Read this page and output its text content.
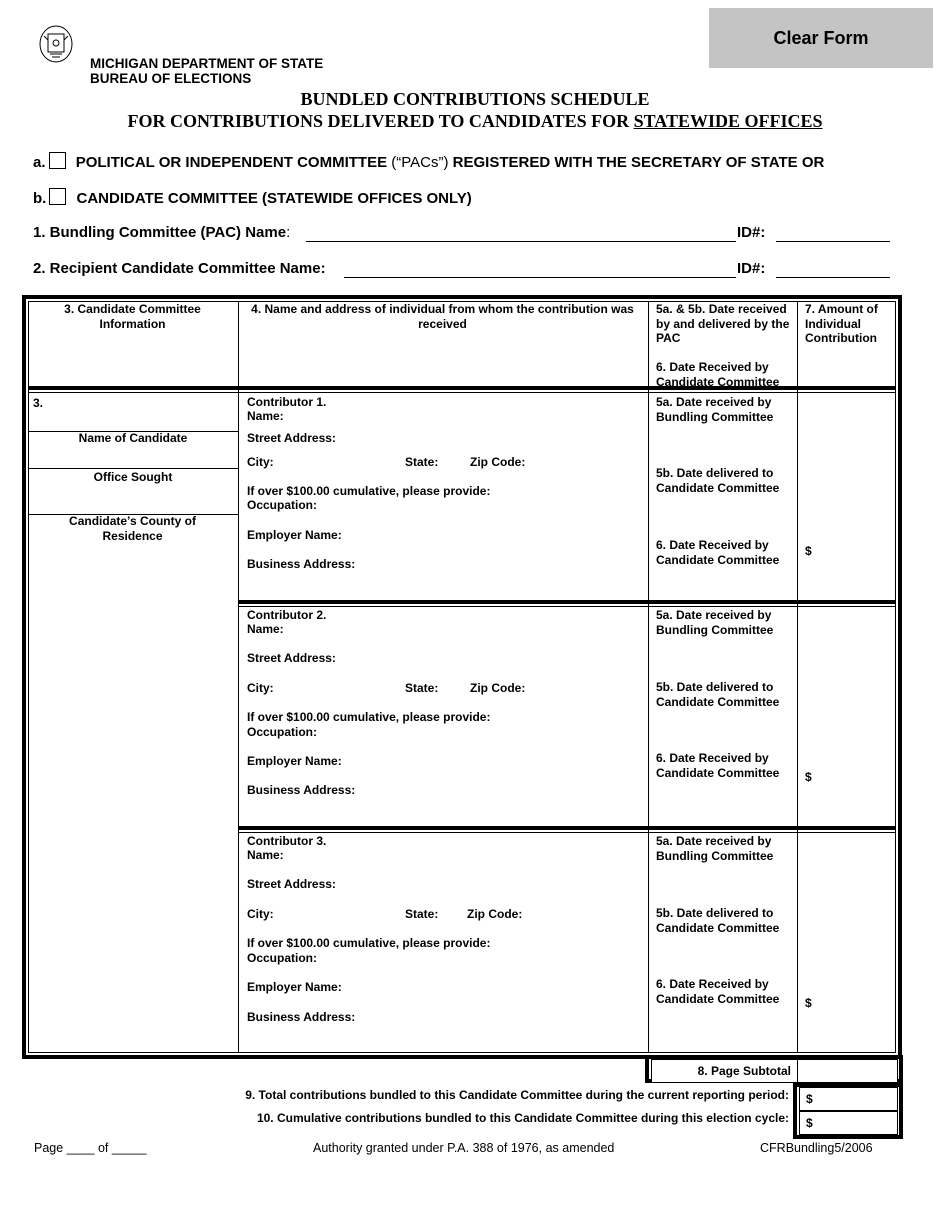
MICHIGAN DEPARTMENT OF STATE
BUREAU OF ELECTIONS
Clear Form
BUNDLED CONTRIBUTIONS SCHEDULE
FOR CONTRIBUTIONS DELIVERED TO CANDIDATES FOR STATEWIDE OFFICES
a. POLITICAL OR INDEPENDENT COMMITTEE (“PACs”) REGISTERED WITH THE SECRETARY OF STATE OR
b. CANDIDATE COMMITTEE (STATEWIDE OFFICES ONLY)
1. Bundling Committee (PAC) Name:	ID#:
2. Recipient Candidate Committee Name:	ID#:
3. Candidate Committee Information
4. Name and address of individual from whom the contribution was received
5a. & 5b. Date received by and delivered by the PAC
6. Date Received by Candidate Committee
7. Amount of Individual Contribution
3.
Name of Candidate
Office Sought
Candidate’s County of Residence
Contributor 1.
Name:
Street Address:
City:	State:	Zip Code:
If over $100.00 cumulative, please provide:
Occupation:
Employer Name:
Business Address:
5a. Date received by Bundling Committee
5b. Date delivered to Candidate Committee
6. Date Received by Candidate Committee
$
Contributor 2.
Name:
Street Address:
City:	State:	Zip Code:
If over $100.00 cumulative, please provide:
Occupation:
Employer Name:
Business Address:
5a. Date received by Bundling Committee
5b. Date delivered to Candidate Committee
6. Date Received by Candidate Committee	$
Contributor 3.
Name:
Street Address:
City:	State: Zip Code:
If over $100.00 cumulative, please provide:
Occupation:
Employer Name:
Business Address:
5a. Date received by Bundling Committee
5b. Date delivered to Candidate Committee
6. Date Received by Candidate Committee	$
8. Page Subtotal
9. Total contributions bundled to this Candidate Committee during the current reporting period: $
10. Cumulative contributions bundled to this Candidate Committee during this election cycle: $
Page ____ of _____	Authority granted under P.A. 388 of 1976, as amended	CFRBundling5/2006
